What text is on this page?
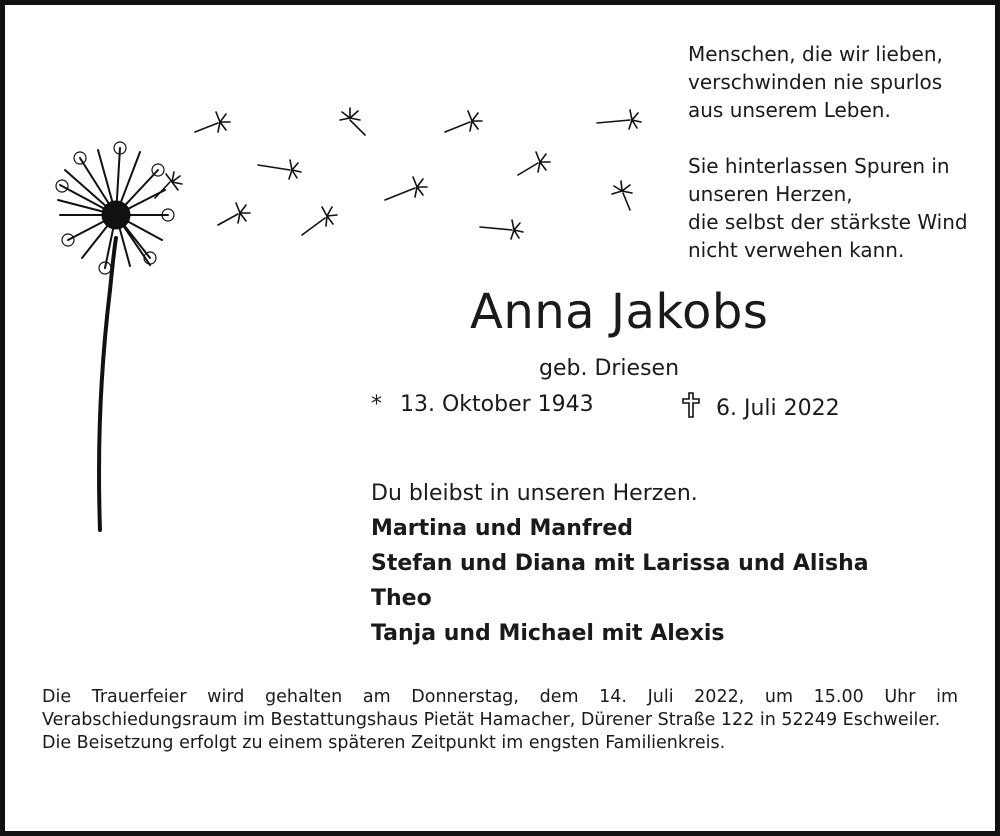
Menschen, die wir lieben,
verschwinden nie spurlos
aus unserem Leben.
Sie hinterlassen Spuren in
unseren Herzen,
die selbst der stärkste Wind
nicht verwehen kann.
Anna Jakobs
geb. Driesen
* 13. Oktober 1943	6. Juli 2022
Du bleibst in unseren Herzen.
Martina und Manfred
Stefan und Diana mit Larissa und Alisha
Theo
Tanja und Michael mit Alexis
Die Trauerfeier wird gehalten am Donnerstag, dem 14. Juli 2022, um 15.00 Uhr im Verabschiedungsraum im Bestattungshaus Pietät Hamacher, Dürener Straße 122 in 52249 Eschweiler.
Die Beisetzung erfolgt zu einem späteren Zeitpunkt im engsten Familienkreis.
